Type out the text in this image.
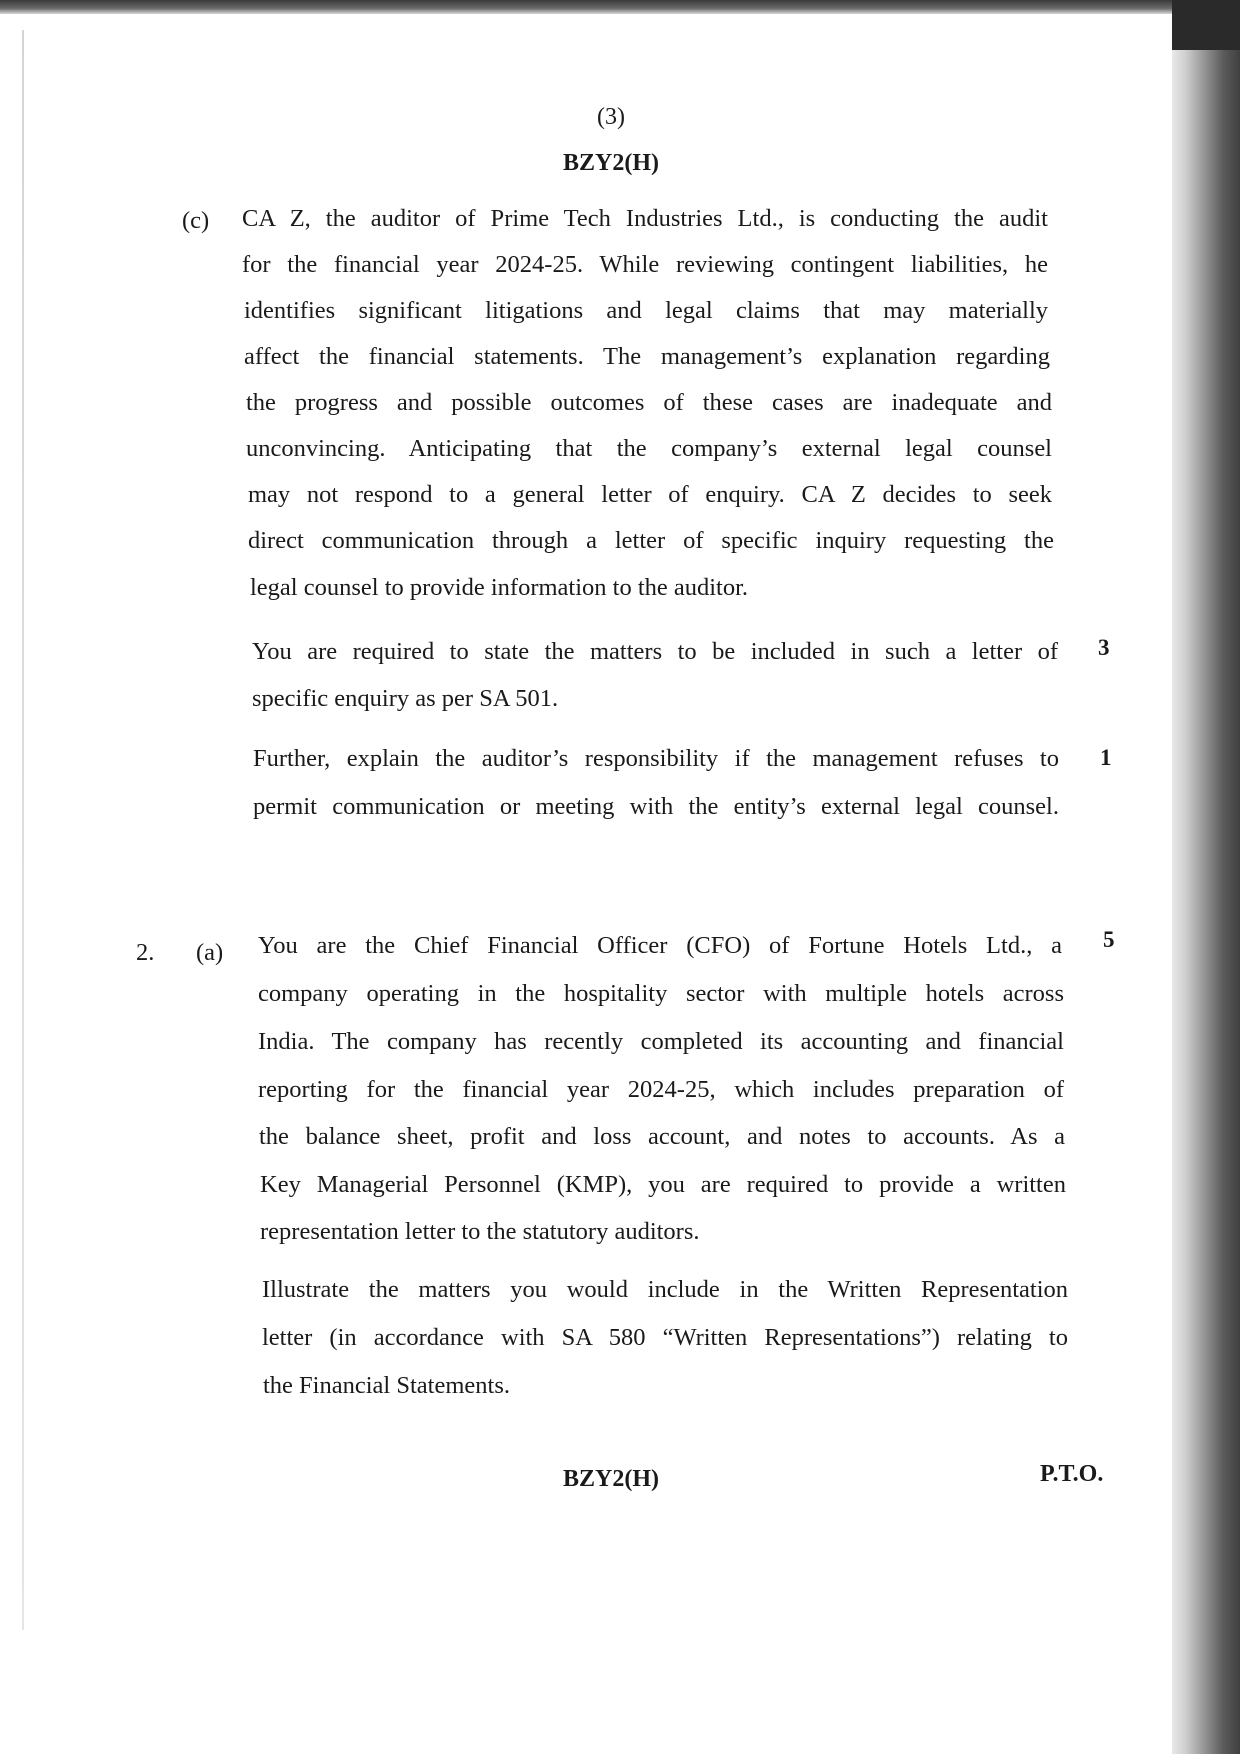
(3)
BZY2(H)
(c) CA Z, the auditor of Prime Tech Industries Ltd., is conducting the audit
for the financial year 2024-25. While reviewing contingent liabilities, he
identifies significant litigations and legal claims that may materially
affect the financial statements. The management’s explanation regarding
the progress and possible outcomes of these cases are inadequate and
unconvincing. Anticipating that the company’s external legal counsel
may not respond to a general letter of enquiry. CA Z decides to seek
direct communication through a letter of specific inquiry requesting the
legal counsel to provide information to the auditor.
You are required to state the matters to be included in such a letter of
specific enquiry as per SA 501.
3
Further, explain the auditor’s responsibility if the management refuses to
permit communication or meeting with the entity’s external legal counsel.
1
2. (a)	5
You are the Chief Financial Officer (CFO) of Fortune Hotels Ltd., a
company operating in the hospitality sector with multiple hotels across
India. The company has recently completed its accounting and financial
reporting for the financial year 2024-25, which includes preparation of
the balance sheet, profit and loss account, and notes to accounts. As a
Key Managerial Personnel (KMP), you are required to provide a written
representation letter to the statutory auditors.
Illustrate the matters you would include in the Written Representation
letter (in accordance with SA 580 “Written Representations”) relating to
the Financial Statements.
BZY2(H)	P.T.O.
